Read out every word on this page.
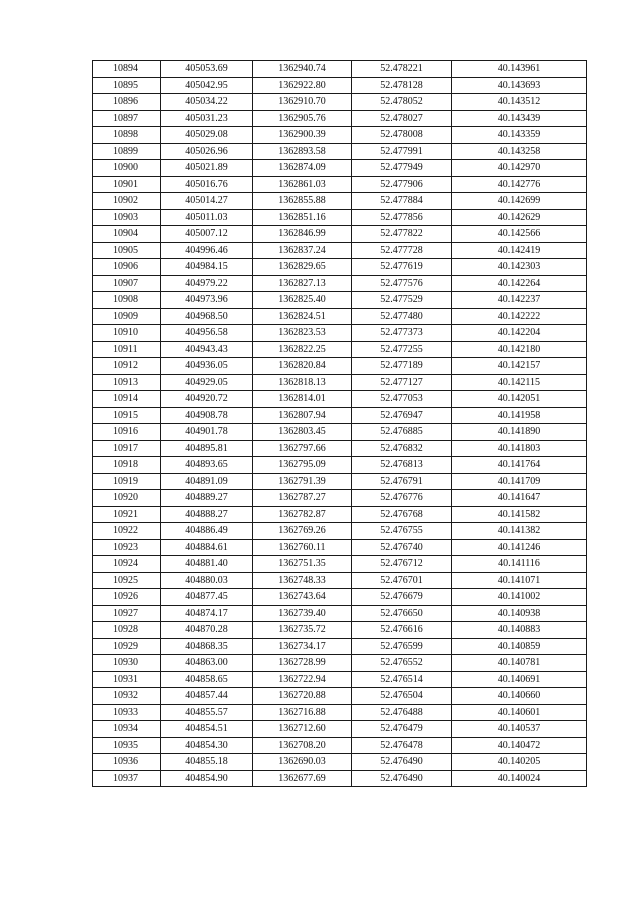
10894	405053.69	1362940.74	52.478221	40.143961
10895	405042.95	1362922.80	52.478128	40.143693
10896	405034.22	1362910.70	52.478052	40.143512
10897	405031.23	1362905.76	52.478027	40.143439
10898	405029.08	1362900.39	52.478008	40.143359
10899	405026.96	1362893.58	52.477991	40.143258
10900	405021.89	1362874.09	52.477949	40.142970
10901	405016.76	1362861.03	52.477906	40.142776
10902	405014.27	1362855.88	52.477884	40.142699
10903	405011.03	1362851.16	52.477856	40.142629
10904	405007.12	1362846.99	52.477822	40.142566
10905	404996.46	1362837.24	52.477728	40.142419
10906	404984.15	1362829.65	52.477619	40.142303
10907	404979.22	1362827.13	52.477576	40.142264
10908	404973.96	1362825.40	52.477529	40.142237
10909	404968.50	1362824.51	52.477480	40.142222
10910	404956.58	1362823.53	52.477373	40.142204
10911	404943.43	1362822.25	52.477255	40.142180
10912	404936.05	1362820.84	52.477189	40.142157
10913	404929.05	1362818.13	52.477127	40.142115
10914	404920.72	1362814.01	52.477053	40.142051
10915	404908.78	1362807.94	52.476947	40.141958
10916	404901.78	1362803.45	52.476885	40.141890
10917	404895.81	1362797.66	52.476832	40.141803
10918	404893.65	1362795.09	52.476813	40.141764
10919	404891.09	1362791.39	52.476791	40.141709
10920	404889.27	1362787.27	52.476776	40.141647
10921	404888.27	1362782.87	52.476768	40.141582
10922	404886.49	1362769.26	52.476755	40.141382
10923	404884.61	1362760.11	52.476740	40.141246
10924	404881.40	1362751.35	52.476712	40.141116
10925	404880.03	1362748.33	52.476701	40.141071
10926	404877.45	1362743.64	52.476679	40.141002
10927	404874.17	1362739.40	52.476650	40.140938
10928	404870.28	1362735.72	52.476616	40.140883
10929	404868.35	1362734.17	52.476599	40.140859
10930	404863.00	1362728.99	52.476552	40.140781
10931	404858.65	1362722.94	52.476514	40.140691
10932	404857.44	1362720.88	52.476504	40.140660
10933	404855.57	1362716.88	52.476488	40.140601
10934	404854.51	1362712.60	52.476479	40.140537
10935	404854.30	1362708.20	52.476478	40.140472
10936	404855.18	1362690.03	52.476490	40.140205
10937	404854.90	1362677.69	52.476490	40.140024
